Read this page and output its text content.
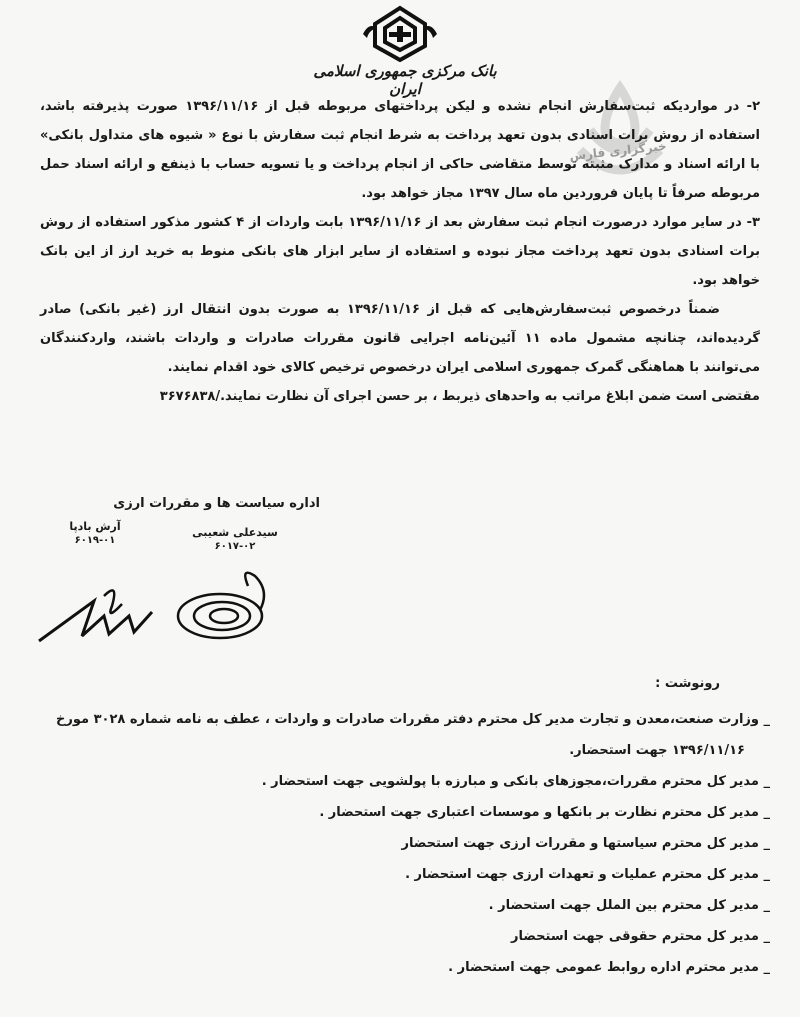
بانک مرکزی جمهوری اسلامی ایران
خبرگزاری فارس

۲- در مواردیکه ثبت‌سفارش انجام نشده و لیکن پرداختهای مربوطه قبل از ۱۳۹۶/۱۱/۱۶ صورت پذیرفته باشد، استفاده از روش برات اسنادی بدون تعهد پرداخت به شرط انجام ثبت سفارش با نوع « شیوه های متداول بانکی» با ارائه اسناد و مدارک مثبته توسط متقاضی حاکی از انجام پرداخت و یا تسویه حساب با ذینفع و ارائه اسناد حمل مربوطه صرفاً تا پایان فروردین ماه سال ۱۳۹۷ مجاز خواهد بود.

۳- در سایر موارد درصورت انجام ثبت سفارش بعد از ۱۳۹۶/۱۱/۱۶ بابت واردات از ۴ کشور مذکور استفاده از روش برات اسنادی بدون تعهد پرداخت مجاز نبوده و استفاده از سایر ابزار های بانکی منوط به خرید ارز از این بانک خواهد بود.

ضمناً درخصوص ثبت‌سفارش‌هایی که قبل از ۱۳۹۶/۱۱/۱۶ به صورت بدون انتقال ارز (غیر بانکی) صادر گردیده‌اند، چنانچه مشمول ماده ۱۱ آئین‌نامه اجرایی قانون مقررات صادرات و واردات باشند، واردکنندگان می‌توانند با هماهنگی گمرک جمهوری اسلامی ایران درخصوص ترخیص کالای خود اقدام نمایند.

مقتضی است ضمن ابلاغ مراتب به واحدهای ذیربط ، بر حسن اجرای آن نظارت نمایند./۳۶۷۶۸۳۸

اداره سیاست ها و مقررات ارزی
آرش بادپا
۶۰۱۹-۰۱
سیدعلی شعیبی
۶۰۱۷-۰۲
رونوشت :
_ وزارت صنعت،معدن و تجارت مدیر کل محترم دفتر مقررات صادرات و واردات ، عطف به نامه شماره ۳۰۲۸ مورخ
۱۳۹۶/۱۱/۱۶ جهت استحضار.
_ مدیر کل محترم مقررات،مجوزهای بانکی و مبارزه با پولشویی جهت استحضار .
_ مدیر کل محترم نظارت بر بانکها و موسسات اعتباری جهت استحضار .
_ مدیر کل محترم سیاستها و مقررات ارزی جهت استحضار
_ مدیر کل محترم عملیات و تعهدات ارزی جهت استحضار .
_ مدیر کل محترم بین الملل جهت استحضار .
_ مدیر کل محترم حقوقی جهت استحضار
_ مدیر محترم اداره روابط عمومی جهت استحضار .
